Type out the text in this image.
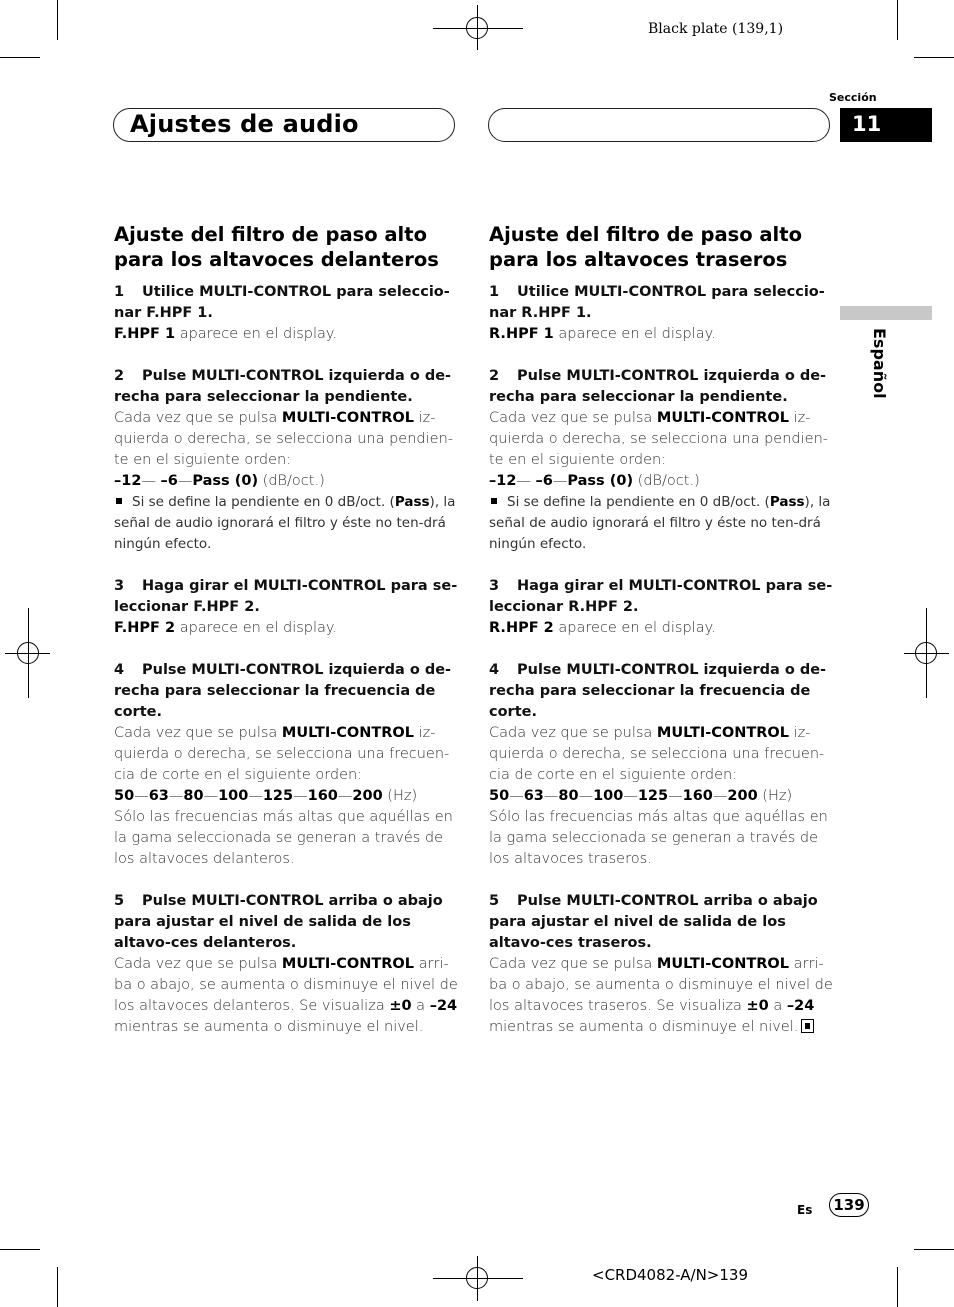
Black plate (139,1)
Ajustes de audio
Sección
11
Español
Ajuste del filtro de paso alto para los altavoces delanteros
1 Utilice MULTI-CONTROL para seleccio-nar F.HPF 1.
F.HPF 1 aparece en el display.
2 Pulse MULTI-CONTROL izquierda o de-recha para seleccionar la pendiente.
Cada vez que se pulsa MULTI-CONTROL iz-quierda o derecha, se selecciona una pendien-te en el siguiente orden:
–12— –6—Pass (0) (dB/oct.)
Si se define la pendiente en 0 dB/oct. (Pass), la señal de audio ignorará el filtro y éste no ten-drá ningún efecto.
3 Haga girar el MULTI-CONTROL para se-leccionar F.HPF 2.
F.HPF 2 aparece en el display.
4 Pulse MULTI-CONTROL izquierda o de-recha para seleccionar la frecuencia de corte.
Cada vez que se pulsa MULTI-CONTROL iz-quierda o derecha, se selecciona una frecuen-cia de corte en el siguiente orden:
50—63—80—100—125—160—200 (Hz)
Sólo las frecuencias más altas que aquéllas en la gama seleccionada se generan a través de los altavoces delanteros.
5 Pulse MULTI-CONTROL arriba o abajo para ajustar el nivel de salida de los altavo-ces delanteros.
Cada vez que se pulsa MULTI-CONTROL arri-ba o abajo, se aumenta o disminuye el nivel de los altavoces delanteros. Se visualiza ±0 a –24 mientras se aumenta o disminuye el nivel.
Ajuste del filtro de paso alto para los altavoces traseros
1 Utilice MULTI-CONTROL para seleccio-nar R.HPF 1.
R.HPF 1 aparece en el display.
2 Pulse MULTI-CONTROL izquierda o de-recha para seleccionar la pendiente.
Cada vez que se pulsa MULTI-CONTROL iz-quierda o derecha, se selecciona una pendien-te en el siguiente orden:
–12— –6—Pass (0) (dB/oct.)
Si se define la pendiente en 0 dB/oct. (Pass), la señal de audio ignorará el filtro y éste no ten-drá ningún efecto.
3 Haga girar el MULTI-CONTROL para se-leccionar R.HPF 2.
R.HPF 2 aparece en el display.
4 Pulse MULTI-CONTROL izquierda o de-recha para seleccionar la frecuencia de corte.
Cada vez que se pulsa MULTI-CONTROL iz-quierda o derecha, se selecciona una frecuen-cia de corte en el siguiente orden:
50—63—80—100—125—160—200 (Hz)
Sólo las frecuencias más altas que aquéllas en la gama seleccionada se generan a través de los altavoces traseros.
5 Pulse MULTI-CONTROL arriba o abajo para ajustar el nivel de salida de los altavo-ces traseros.
Cada vez que se pulsa MULTI-CONTROL arri-ba o abajo, se aumenta o disminuye el nivel de los altavoces traseros. Se visualiza ±0 a –24 mientras se aumenta o disminuye el nivel.
Es 139
<CRD4082-A/N>139
